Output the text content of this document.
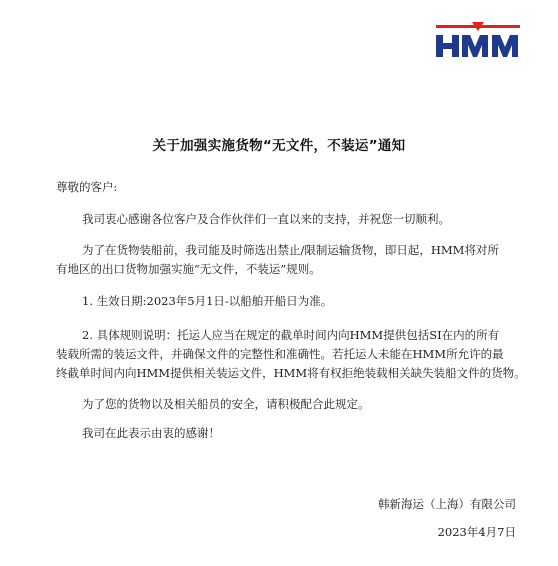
关于加强实施货物“无文件，不装运”通知
尊敬的客户:
我司衷心感谢各位客户及合作伙伴们一直以来的支持，并祝您一切顺利。
为了在货物装船前，我司能及时筛选出禁止/限制运输货物，即日起，HMM将对所
有地区的出口货物加强实施“无文件，不装运”规则。
1. 生效日期:2023年5月1日-以船舶开船日为准。
2. 具体规则说明：托运人应当在规定的截单时间内向HMM提供包括SI在内的所有
装载所需的装运文件，并确保文件的完整性和准确性。若托运人未能在HMM所允许的最
终截单时间内向HMM提供相关装运文件，HMM将有权拒绝装载相关缺失装船文件的货物。
为了您的货物以及相关船员的安全，请积极配合此规定。
我司在此表示由衷的感谢！
韩新海运（上海）有限公司
2023年4月7日
